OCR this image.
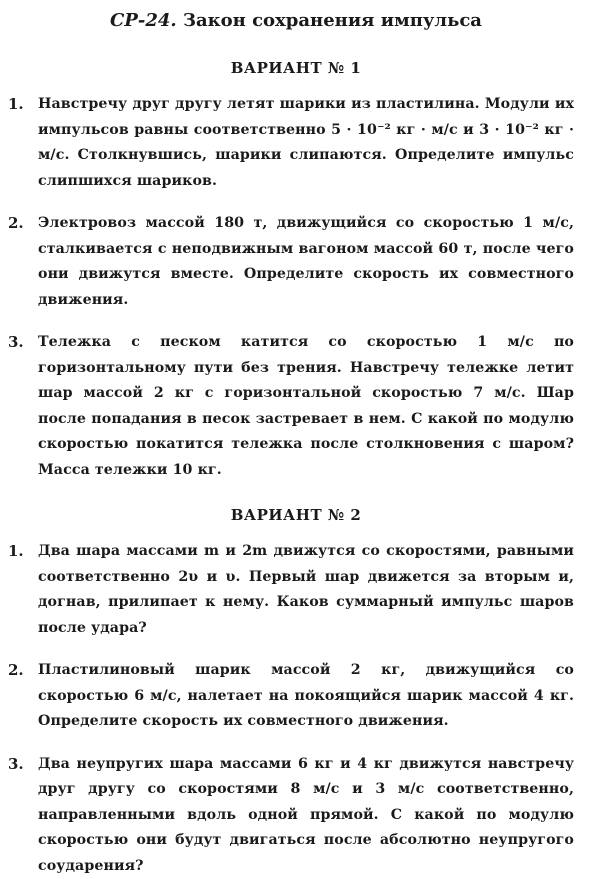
СР-24. Закон сохранения импульса
ВАРИАНТ № 1
1.	Навстречу друг другу летят шарики из пластилина. Модули их импульсов равны соответственно 5 · 10⁻² кг · м/с и 3 · 10⁻² кг · м/с. Столкнувшись, шарики слипаются. Определите импульс слипшихся шариков.
2.	Электровоз массой 180 т, движущийся со скоростью 1 м/с, сталкивается с неподвижным вагоном массой 60 т, после чего они движутся вместе. Определите скорость их совместного движения.
3.	Тележка с песком катится со скоростью 1 м/с по горизонтальному пути без трения. Навстречу тележке летит шар массой 2 кг с горизонтальной скоростью 7 м/с. Шар после попадания в песок застревает в нем. С какой по модулю скоростью покатится тележка после столкновения с шаром? Масса тележки 10 кг.
ВАРИАНТ № 2
1.	Два шара массами m и 2m движутся со скоростями, равными соответственно 2υ и υ. Первый шар движется за вторым и, догнав, прилипает к нему. Каков суммарный импульс шаров после удара?
2.	Пластилиновый шарик массой 2 кг, движущийся со скоростью 6 м/с, налетает на покоящийся шарик массой 4 кг. Определите скорость их совместного движения.
3.	Два неупругих шара массами 6 кг и 4 кг движутся навстречу друг другу со скоростями 8 м/с и 3 м/с соответственно, направленными вдоль одной прямой. С какой по модулю скоростью они будут двигаться после абсолютно неупругого соударения?
